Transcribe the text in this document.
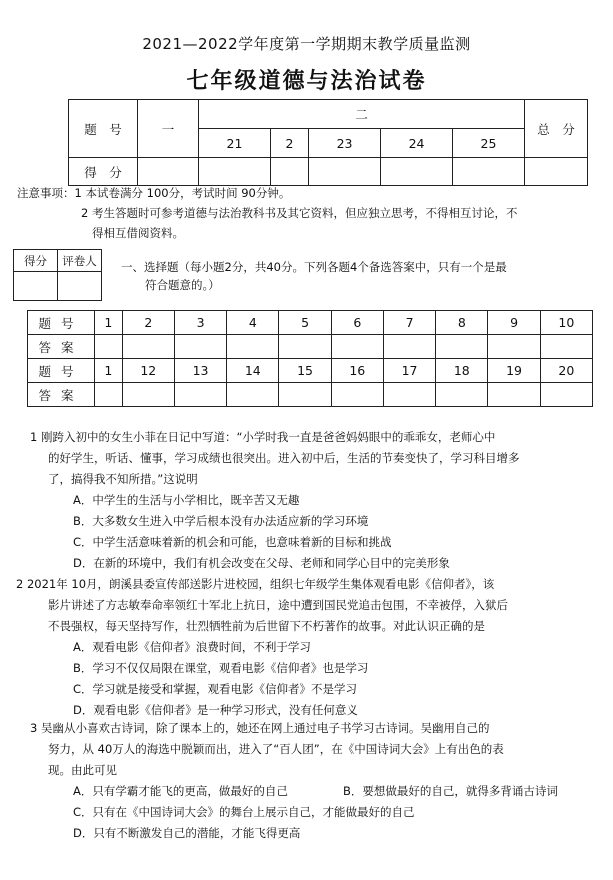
2021—2022学年度第一学期期末教学质量监测
七年级道德与法治试卷
题　号	一	二					总　分
		21	2	23	24	25	
得　分							
注意事项：1 本试卷满分 100分，考试时间 90分钟。
2 考生答题时可参考道德与法治教科书及其它资料，但应独立思考，不得相互讨论，不
得相互借阅资料。
得分	评卷人
	一、选择题（每小题2分，共40分。下列各题4个备选答案中，只有一个是最
符合题意的。）
题号	1	2	3	4	5	6	7	8	9	10
答案										
题号	1	12	13	14	15	16	17	18	19	20
答案										
1 刚跨入初中的女生小菲在日记中写道：“小学时我一直是爸爸妈妈眼中的乖乖女，老师心中
的好学生，听话、懂事，学习成绩也很突出。进入初中后，生活的节奏变快了，学习科目增多
了，搞得我不知所措。”这说明
A．中学生的生活与小学相比，既辛苦又无趣
B．大多数女生进入中学后根本没有办法适应新的学习环境
C．中学生活意味着新的机会和可能，也意味着新的目标和挑战
D．在新的环境中，我们有机会改变在父母、老师和同学心目中的完美形象
2 2021年 10月，朗溪县委宣传部送影片进校园，组织七年级学生集体观看电影《信仰者》，该
影片讲述了方志敏奉命率领红十军北上抗日，途中遭到国民党追击包围，不幸被俘，入狱后
不畏强权，每天坚持写作，壮烈牺牲前为后世留下不朽著作的故事。对此认识正确的是
A．观看电影《信仰者》浪费时间，不利于学习
B．学习不仅仅局限在课堂，观看电影《信仰者》也是学习
C．学习就是接受和掌握，观看电影《信仰者》不是学习
D．观看电影《信仰者》是一种学习形式，没有任何意义
3 吴幽从小喜欢古诗词，除了课本上的，她还在网上通过电子书学习古诗词。吴幽用自己的
努力，从 40万人的海选中脱颖而出，进入了“百人团”，在《中国诗词大会》上有出色的表
现。由此可见
A．只有学霸才能飞的更高，做最好的自己	B．要想做最好的自己，就得多背诵古诗词
C．只有在《中国诗词大会》的舞台上展示自己，才能做最好的自己
D．只有不断激发自己的潜能，才能飞得更高
